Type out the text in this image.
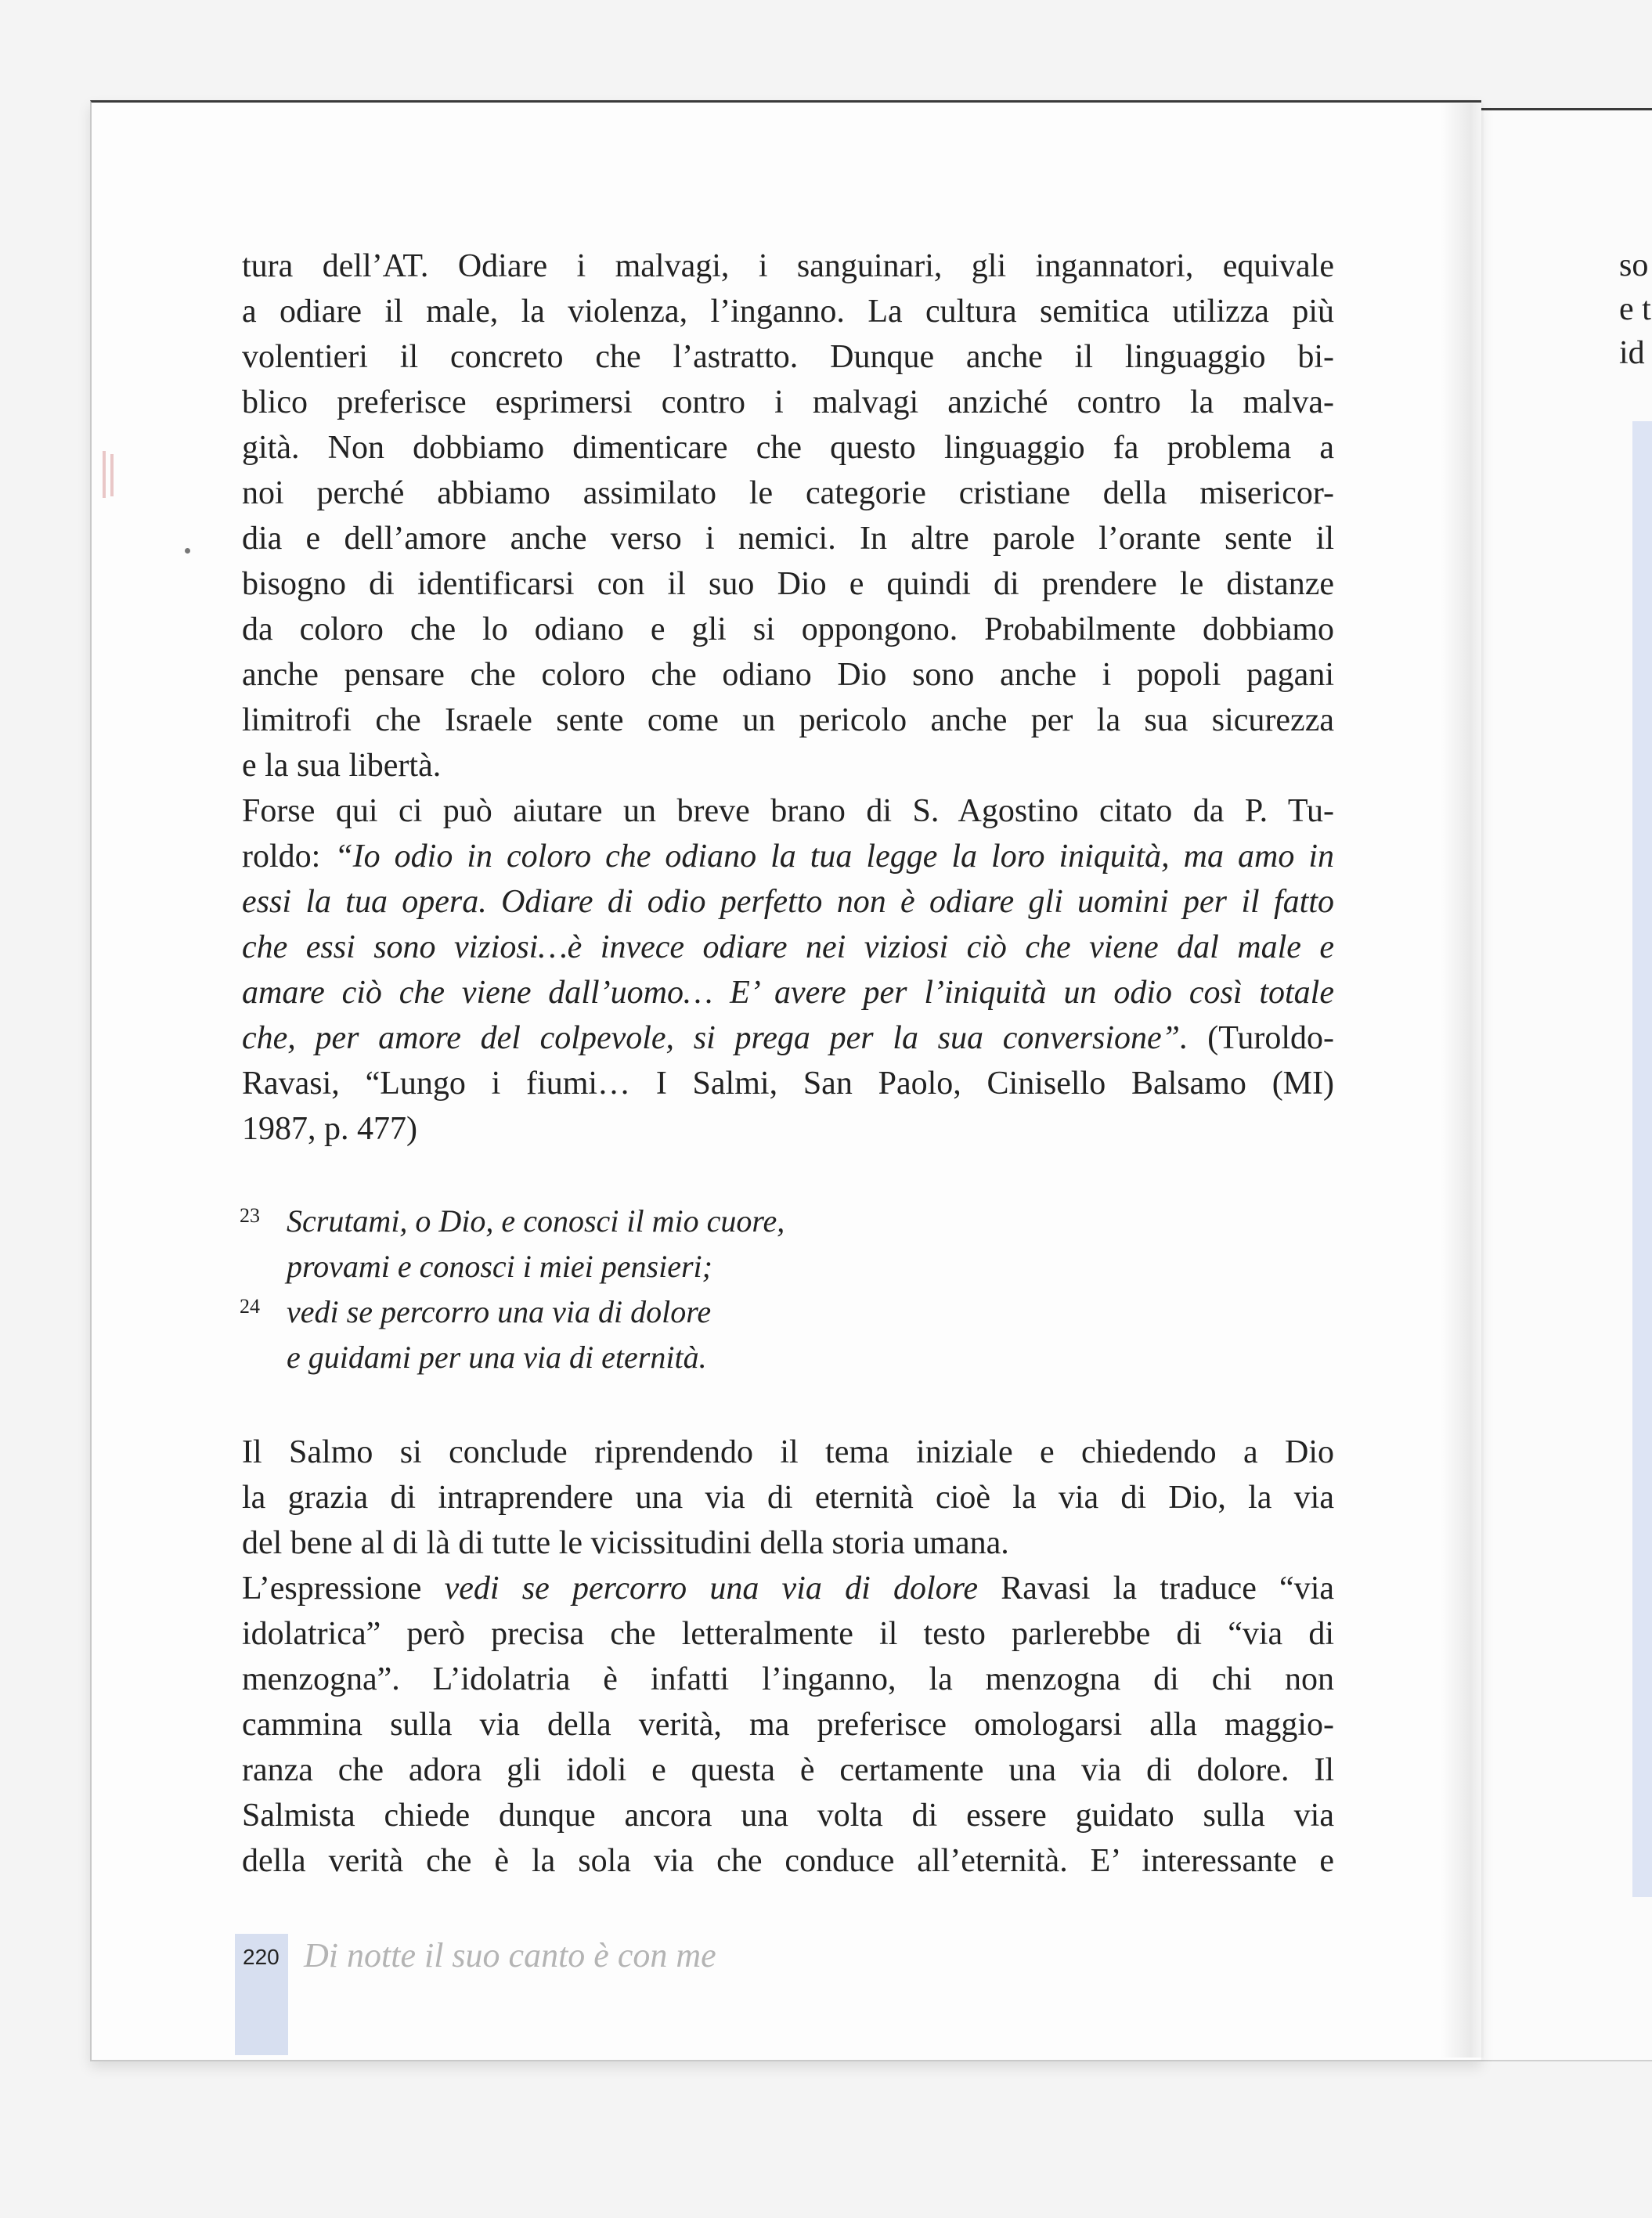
so
e t
id
tura dell’AT. Odiare i malvagi, i sanguinari, gli ingannatori, equivale
a odiare il male, la violenza, l’inganno. La cultura semitica utilizza più
volentieri il concreto che l’astratto. Dunque anche il linguaggio bi-
blico preferisce esprimersi contro i malvagi anziché contro la malva-
gità. Non dobbiamo dimenticare che questo linguaggio fa problema a
noi perché abbiamo assimilato le categorie cristiane della misericor-
dia e dell’amore anche verso i nemici. In altre parole l’orante sente il
bisogno di identificarsi con il suo Dio e quindi di prendere le distanze
da coloro che lo odiano e gli si oppongono. Probabilmente dobbiamo
anche pensare che coloro che odiano Dio sono anche i popoli pagani
limitrofi che Israele sente come un pericolo anche per la sua sicurezza
e la sua libertà.
Forse qui ci può aiutare un breve brano di S. Agostino citato da P. Tu-
roldo: “Io odio in coloro che odiano la tua legge la loro iniquità, ma amo in
essi la tua opera. Odiare di odio perfetto non è odiare gli uomini per il fatto
che essi sono viziosi…è invece odiare nei viziosi ciò che viene dal male e
amare ciò che viene dall’uomo… E’ avere per l’iniquità un odio così totale
che, per amore del colpevole, si prega per la sua conversione”. (Turoldo-
Ravasi, “Lungo i fiumi… I Salmi, San Paolo, Cinisello Balsamo (MI)
1987, p. 477)
23 Scrutami, o Dio, e conosci il mio cuore,
provami e conosci i miei pensieri;
24 vedi se percorro una via di dolore
e guidami per una via di eternità.
Il Salmo si conclude riprendendo il tema iniziale e chiedendo a Dio
la grazia di intraprendere una via di eternità cioè la via di Dio, la via
del bene al di là di tutte le vicissitudini della storia umana.
L’espressione vedi se percorro una via di dolore Ravasi la traduce “via
idolatrica” però precisa che letteralmente il testo parlerebbe di “via di
menzogna”. L’idolatria è infatti l’inganno, la menzogna di chi non
cammina sulla via della verità, ma preferisce omologarsi alla maggio-
ranza che adora gli idoli e questa è certamente una via di dolore. Il
Salmista chiede dunque ancora una volta di essere guidato sulla via
della verità che è la sola via che conduce all’eternità. E’ interessante e
220 Di notte il suo canto è con me
